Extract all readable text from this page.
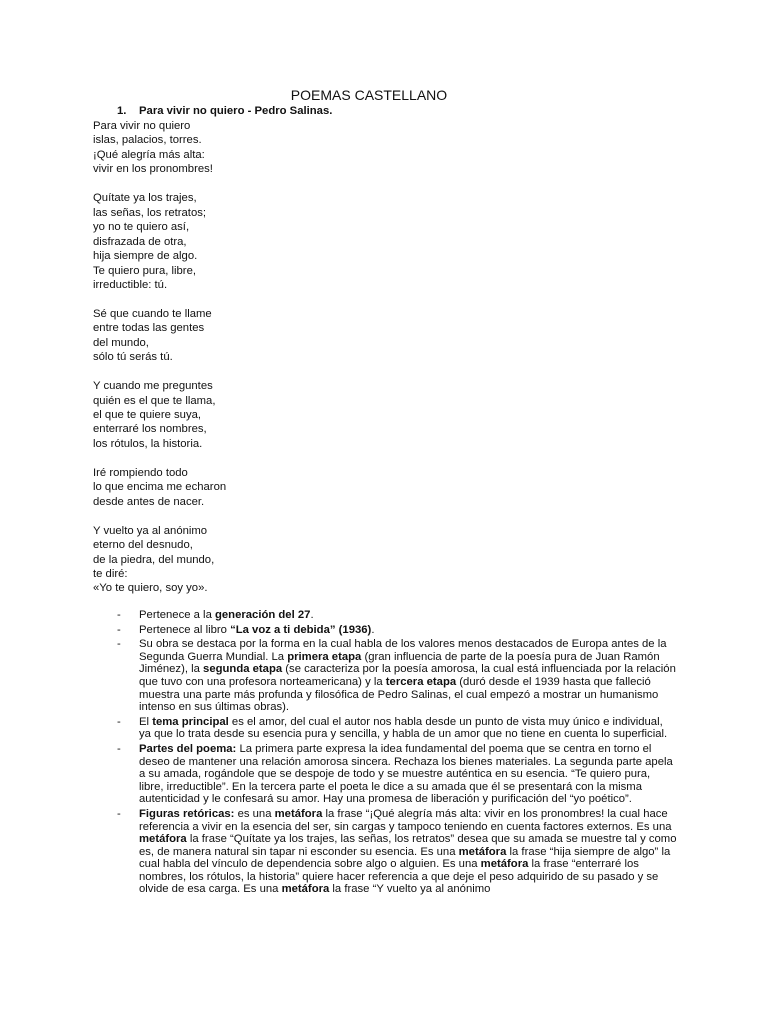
POEMAS CASTELLANO
1. Para vivir no quiero - Pedro Salinas.
Para vivir no quiero
islas, palacios, torres.
¡Qué alegría más alta:
vivir en los pronombres!
Quítate ya los trajes,
las señas, los retratos;
yo no te quiero así,
disfrazada de otra,
hija siempre de algo.
Te quiero pura, libre,
irreductible: tú.
Sé que cuando te llame
entre todas las gentes
del mundo,
sólo tú serás tú.
Y cuando me preguntes
quién es el que te llama,
el que te quiere suya,
enterraré los nombres,
los rótulos, la historia.
Iré rompiendo todo
lo que encima me echaron
desde antes de nacer.
Y vuelto ya al anónimo
eterno del desnudo,
de la piedra, del mundo,
te diré:
«Yo te quiero, soy yo».
- Pertenece a la generación del 27.
- Pertenece al libro “La voz a ti debida” (1936).
- Su obra se destaca por la forma en la cual habla de los valores menos destacados de Europa antes de la Segunda Guerra Mundial. La primera etapa (gran influencia de parte de la poesía pura de Juan Ramón Jiménez), la segunda etapa (se caracteriza por la poesía amorosa, la cual está influenciada por la relación que tuvo con una profesora norteamericana) y la tercera etapa (duró desde el 1939 hasta que falleció muestra una parte más profunda y filosófica de Pedro Salinas, el cual empezó a mostrar un humanismo intenso en sus últimas obras).
- El tema principal es el amor, del cual el autor nos habla desde un punto de vista muy único e individual, ya que lo trata desde su esencia pura y sencilla, y habla de un amor que no tiene en cuenta lo superficial.
- Partes del poema: La primera parte expresa la idea fundamental del poema que se centra en torno el deseo de mantener una relación amorosa sincera. Rechaza los bienes materiales. La segunda parte apela a su amada, rogándole que se despoje de todo y se muestre auténtica en su esencia. “Te quiero pura, libre, irreductible”. En la tercera parte el poeta le dice a su amada que él se presentará con la misma autenticidad y le confesará su amor. Hay una promesa de liberación y purificación del “yo poético”.
- Figuras retóricas: es una metáfora la frase “¡Qué alegría más alta: vivir en los pronombres! la cual hace referencia a vivir en la esencia del ser, sin cargas y tampoco teniendo en cuenta factores externos. Es una metáfora la frase “Quítate ya los trajes, las señas, los retratos” desea que su amada se muestre tal y como es, de manera natural sin tapar ni esconder su esencia. Es una metáfora la frase “hija siempre de algo” la cual habla del vínculo de dependencia sobre algo o alguien. Es una metáfora la frase “enterraré los nombres, los rótulos, la historia” quiere hacer referencia a que deje el peso adquirido de su pasado y se olvide de esa carga. Es una metáfora la frase “Y vuelto ya al anónimo
